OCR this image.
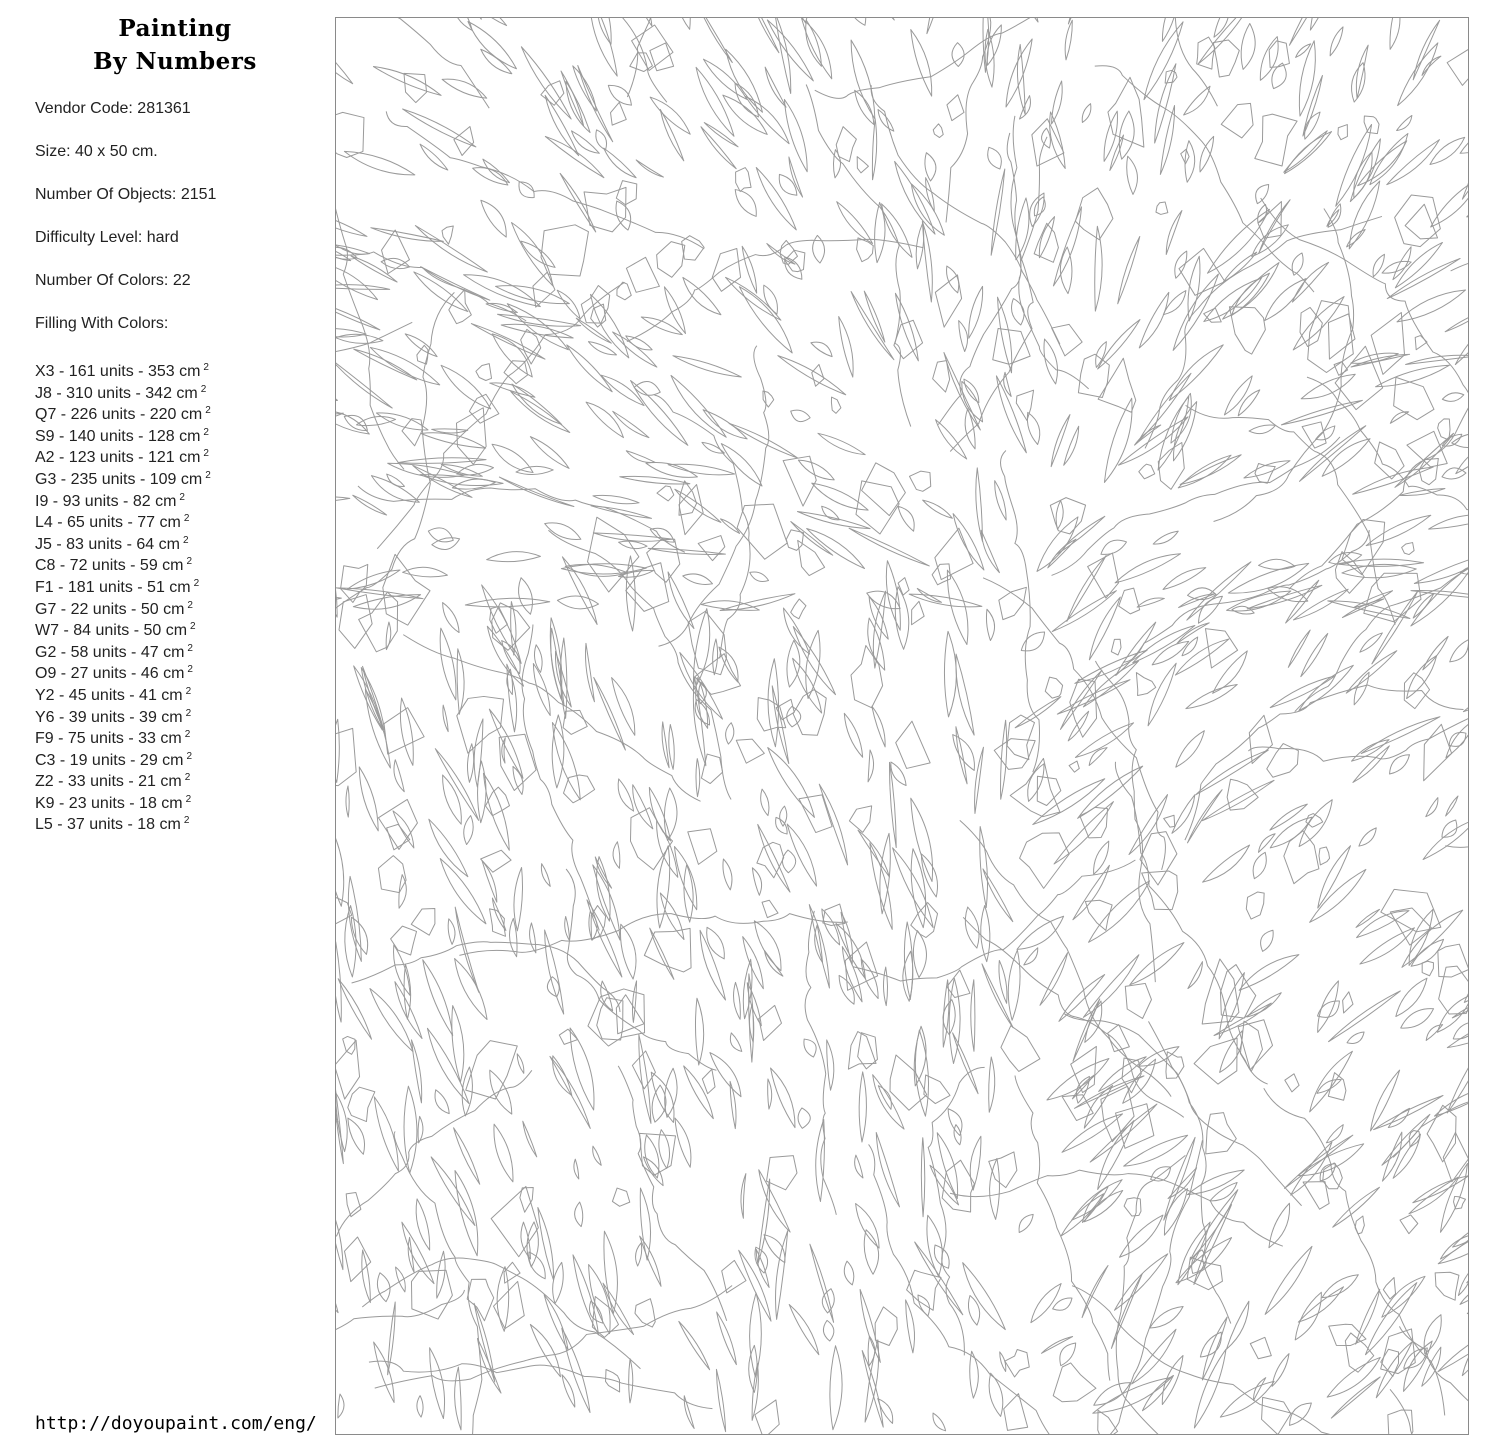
Painting
By Numbers
Vendor Code: 281361
Size: 40 x 50 cm.
Number Of Objects: 2151
Difficulty Level: hard
Number Of Colors: 22
Filling With Colors:
X3 - 161 units - 353 cm $^2$
J8 - 310 units - 342 cm $^2$
Q7 - 226 units - 220 cm $^2$
S9 - 140 units - 128 cm $^2$
A2 - 123 units - 121 cm $^2$
G3 - 235 units - 109 cm $^2$
I9 - 93 units - 82 cm $^2$
L4 - 65 units - 77 cm $^2$
J5 - 83 units - 64 cm $^2$
C8 - 72 units - 59 cm $^2$
F1 - 181 units - 51 cm $^2$
G7 - 22 units - 50 cm $^2$
W7 - 84 units - 50 cm $^2$
G2 - 58 units - 47 cm $^2$
O9 - 27 units - 46 cm $^2$
Y2 - 45 units - 41 cm $^2$
Y6 - 39 units - 39 cm $^2$
F9 - 75 units - 33 cm $^2$
C3 - 19 units - 29 cm $^2$
Z2 - 33 units - 21 cm $^2$
K9 - 23 units - 18 cm $^2$
L5 - 37 units - 18 cm $^2$
http://doyoupaint.com/eng/
